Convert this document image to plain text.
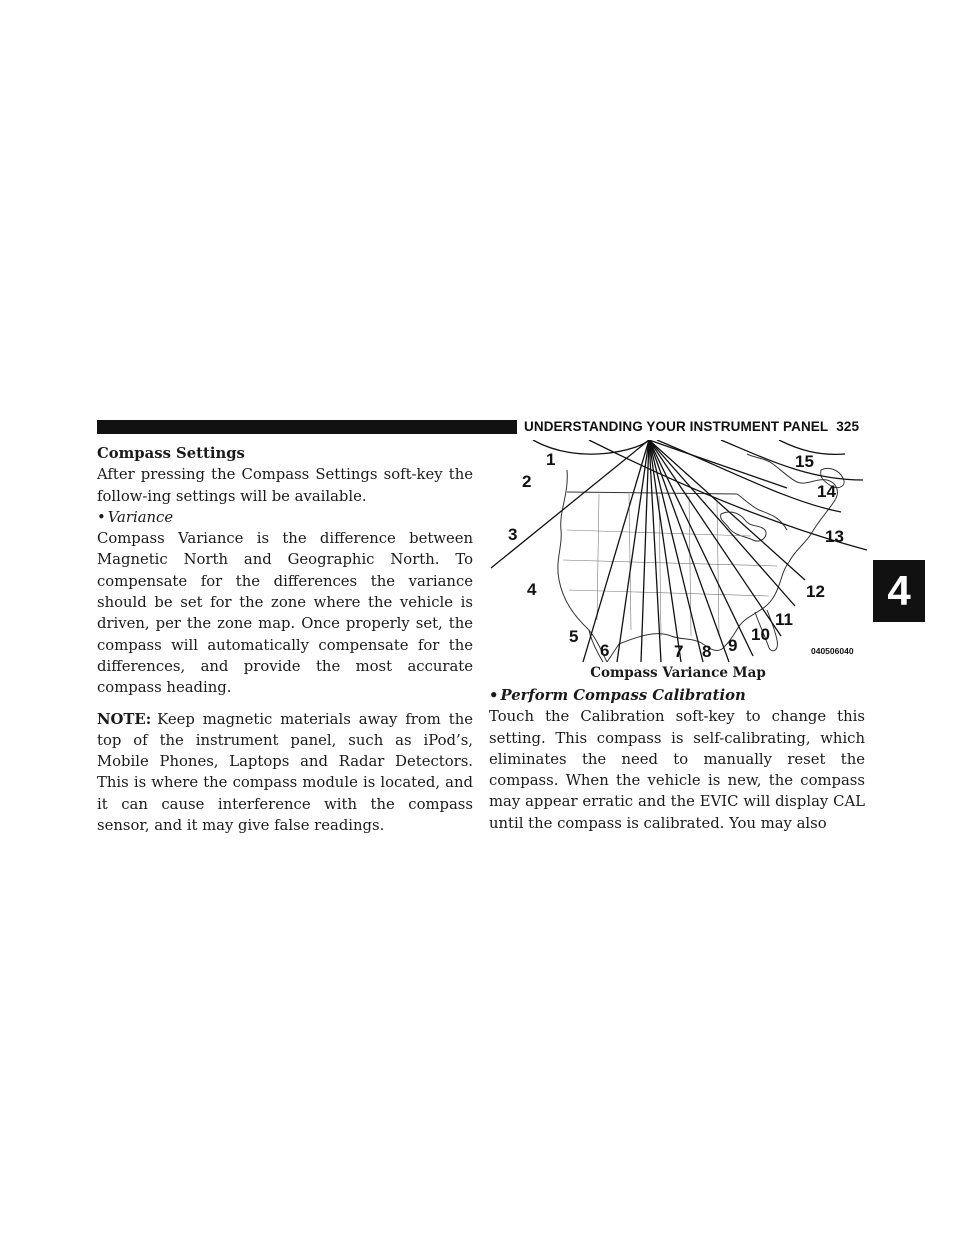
UNDERSTANDING YOUR INSTRUMENT PANEL 325
4
Compass Settings

After pressing the Compass Settings soft-key the follow-ing settings will be available.

• Variance

Compass Variance is the difference between Magnetic North and Geographic North. To compensate for the differences the variance should be set for the zone where the vehicle is driven, per the zone map. Once properly set, the compass will automatically compensate for the differences, and provide the most accurate compass heading.

NOTE: Keep magnetic materials away from the top of the instrument panel, such as iPod’s, Mobile Phones, Laptops and Radar Detectors. This is where the compass module is located, and it can cause interference with the compass sensor, and it may give false readings.

1
2
3
4
5
6	7 8 9
10
11
12
13
14
15
040506040
Compass Variance Map
• Perform Compass Calibration

Touch the Calibration soft-key to change this setting. This compass is self-calibrating, which eliminates the need to manually reset the compass. When the vehicle is new, the compass may appear erratic and the EVIC will display CAL until the compass is calibrated. You may also
